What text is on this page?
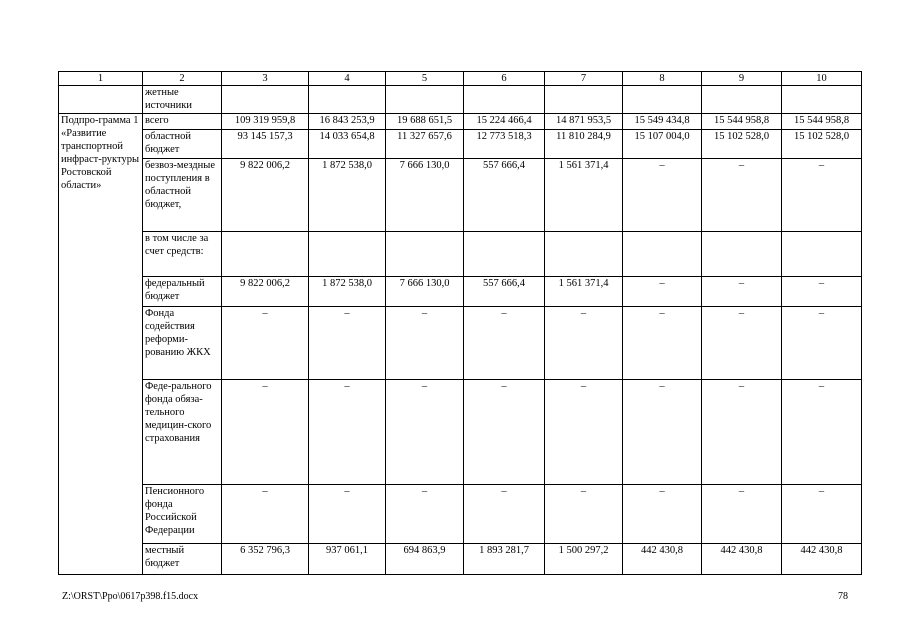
1	2	3	4	5	6	7	8	9	10
	жетные источники								
Подпро-грамма 1 «Развитие транспортной инфраст-руктуры Ростовской области»	всего	109 319 959,8	16 843 253,9	19 688 651,5	15 224 466,4	14 871 953,5	15 549 434,8	15 544 958,8	15 544 958,8
	областной бюджет	93 145 157,3	14 033 654,8	11 327 657,6	12 773 518,3	11 810 284,9	15 107 004,0	15 102 528,0	15 102 528,0
	безвоз-мездные поступления в областной бюджет,	9 822 006,2	1 872 538,0	7 666 130,0	557 666,4	1 561 371,4	–	–	–
	в том числе за счет средств:								
	федеральный бюджет	9 822 006,2	1 872 538,0	7 666 130,0	557 666,4	1 561 371,4	–	–	–
	Фонда содействия реформи-рованию ЖКХ	–	–	–	–	–	–	–	–
	Феде-рального фонда обяза-тельного медицин-ского страхования	–	–	–	–	–	–	–	–
	Пенсионного фонда Российской Федерации	–	–	–	–	–	–	–	–
	местный бюджет	6 352 796,3	937 061,1	694 863,9	1 893 281,7	1 500 297,2	442 430,8	442 430,8	442 430,8
Z:\ORST\Ppo\0617p398.f15.docx	78
